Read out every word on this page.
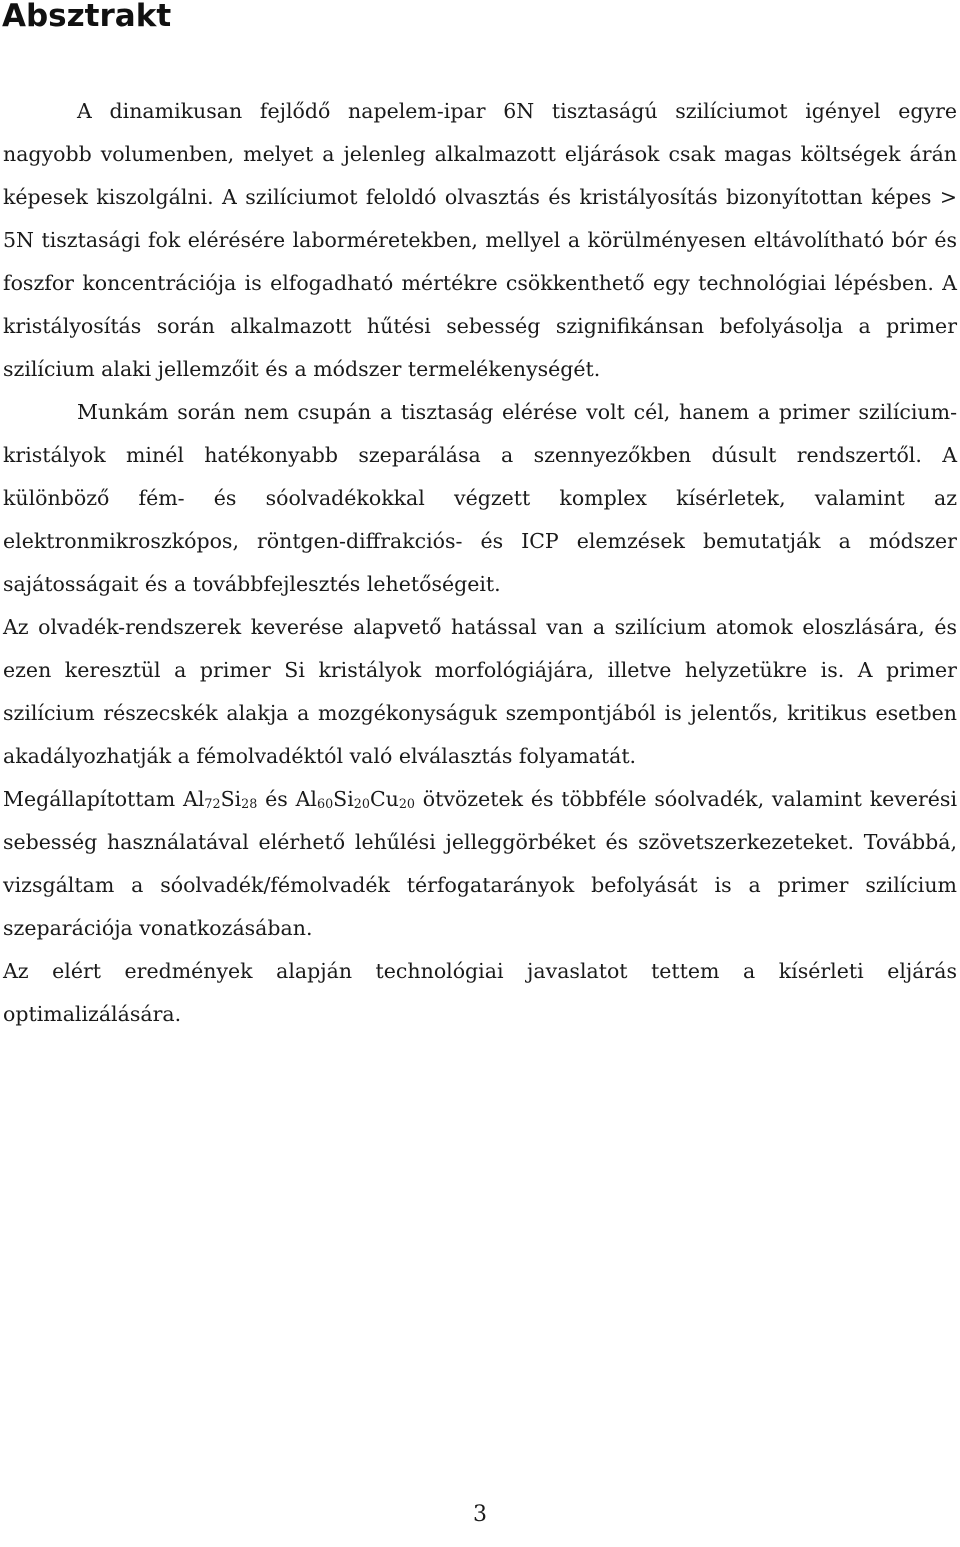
Absztrakt

A dinamikusan fejlődő napelem-ipar 6N tisztaságú szilíciumot igényel egyre nagyobb volumenben, melyet a jelenleg alkalmazott eljárások csak magas költségek árán képesek kiszolgálni. A szilíciumot feloldó olvasztás és kristályosítás bizonyítottan képes > 5N tisztasági fok elérésére laborméretekben, mellyel a körülményesen eltávolítható bór és foszfor koncentrációja is elfogadható mértékre csökkenthető egy technológiai lépésben. A kristályosítás során alkalmazott hűtési sebesség szignifikánsan befolyásolja a primer szilícium alaki jellemzőit és a módszer termelékenységét.

Munkám során nem csupán a tisztaság elérése volt cél, hanem a primer szilícium-kristályok minél hatékonyabb szeparálása a szennyezőkben dúsult rendszertől. A különböző fém- és sóolvadékokkal végzett komplex kísérletek, valamint az elektronmikroszkópos, röntgen-diffrakciós- és ICP elemzések bemutatják a módszer sajátosságait és a továbbfejlesztés lehetőségeit.

Az olvadék-rendszerek keverése alapvető hatással van a szilícium atomok eloszlására, és ezen keresztül a primer Si kristályok morfológiájára, illetve helyzetükre is. A primer szilícium részecskék alakja a mozgékonyságuk szempontjából is jelentős, kritikus esetben akadályozhatják a fémolvadéktól való elválasztás folyamatát.

Megállapítottam $Al_{72}Si_{28}$ és $Al_{60}Si_{20}Cu_{20}$ ötvözetek és többféle sóolvadék, valamint keverési sebesség használatával elérhető lehűlési jelleggörbéket és szövetszerkezeteket. Továbbá, vizsgáltam a sóolvadék/fémolvadék térfogatarányok befolyását is a primer szilícium szeparációja vonatkozásában.

Az elért eredmények alapján technológiai javaslatot tettem a kísérleti eljárás optimalizálására.

3
